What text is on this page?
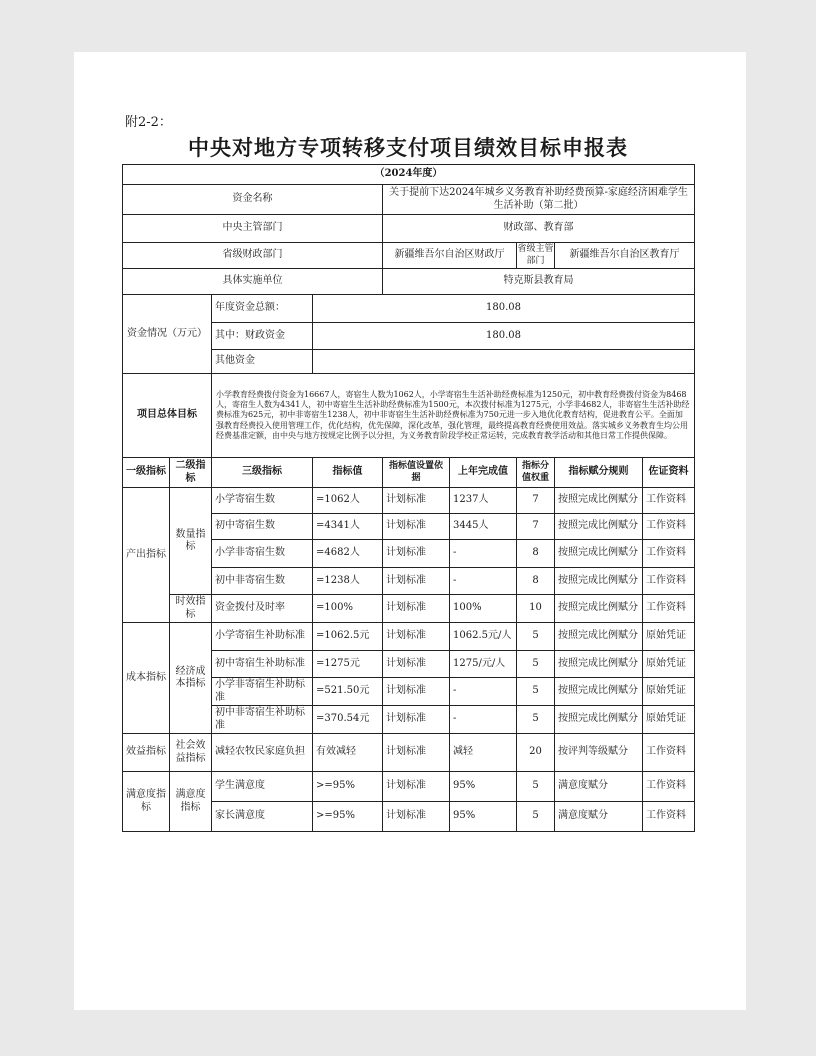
附2-2：
中央对地方专项转移支付项目绩效目标申报表
（2024年度）								
资金名称				关于提前下达2024年城乡义务教育补助经费预算-家庭经济困难学生生活补助（第二批）				
中央主管部门				财政部、教育部				
省级财政部门				新疆维吾尔自治区财政厅		省级主管部门	新疆维吾尔自治区教育厅	
具体实施单位				特克斯县教育局				
资金情况（万元）		年度资金总额：	180.08					
		其中：财政资金	180.08					
		其他资金						
项目总体目标		小学教育经费拨付资金为16667人，寄宿生人数为1062人，小学寄宿生生活补助经费标准为1250元，初中教育经费拨付资金为8468人，寄宿生人数为4341人，初中寄宿生生活补助经费标准为1500元，本次拨付标准为1275元，小学非4682人，非寄宿生生活补助经费标准为625元，初中非寄宿生1238人，初中非寄宿生生活补助经费标准为750元进一步入地优化教育结构，促进教育公平。全面加强教育经费投入使用管理工作，优化结构，优先保障，深化改革，强化管理，最终提高教育经费使用效益。落实城乡义务教育生均公用经费基准定额，由中央与地方按规定比例予以分担，为义务教育阶段学校正常运转，完成教育教学活动和其他日常工作提供保障。						
一级指标	二级指标	三级指标	指标值	指标值设置依据	上年完成值	指标分值权重	指标赋分规则	佐证资料
产出指标	数量指标	小学寄宿生数	=1062人	计划标准	1237人	7	按照完成比例赋分	工作资料
		初中寄宿生数	=4341人	计划标准	3445人	7	按照完成比例赋分	工作资料
		小学非寄宿生数	=4682人	计划标准	-	8	按照完成比例赋分	工作资料
		初中非寄宿生数	=1238人	计划标准	-	8	按照完成比例赋分	工作资料
	时效指标	资金拨付及时率	=100%	计划标准	100%	10	按照完成比例赋分	工作资料
成本指标	经济成本指标	小学寄宿生补助标准	=1062.5元	计划标准	1062.5元/人	5	按照完成比例赋分	原始凭证
		初中寄宿生补助标准	=1275元	计划标准	1275/元/人	5	按照完成比例赋分	原始凭证
		小学非寄宿生补助标准	=521.50元	计划标准	-	5	按照完成比例赋分	原始凭证
		初中非寄宿生补助标准	=370.54元	计划标准	-	5	按照完成比例赋分	原始凭证
效益指标	社会效益指标	减轻农牧民家庭负担	有效减轻	计划标准	减轻	20	按评判等级赋分	工作资料
满意度指标	满意度指标	学生满意度	>=95%	计划标准	95%	5	满意度赋分	工作资料
		家长满意度	>=95%	计划标准	95%	5	满意度赋分	工作资料
